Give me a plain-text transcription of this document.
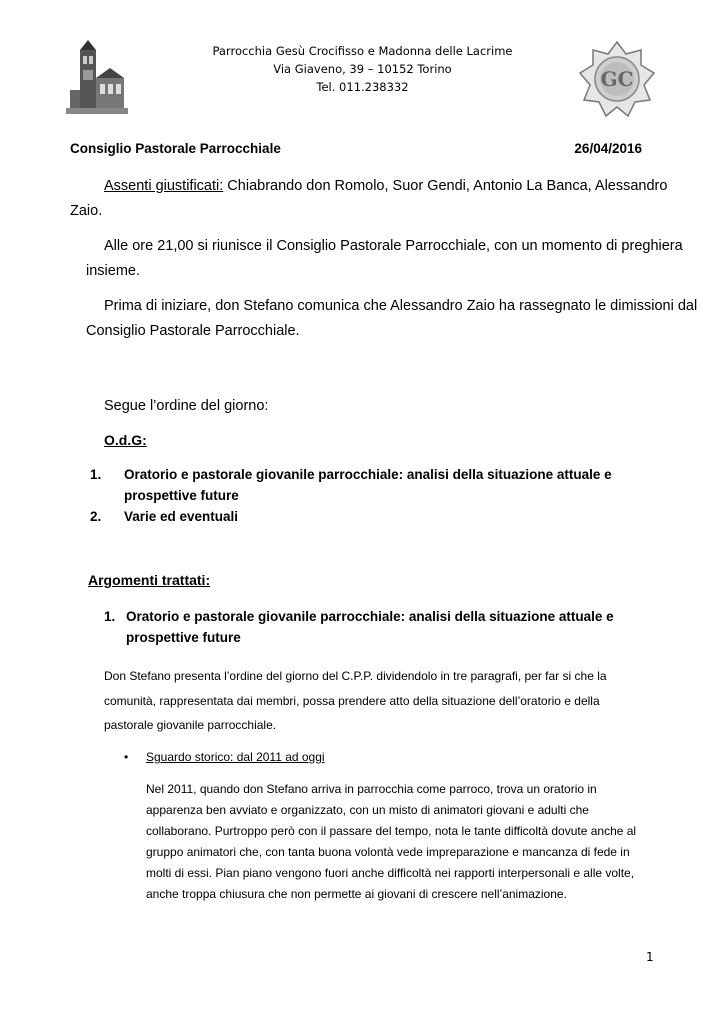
Parrocchia Gesù Crocifisso e Madonna delle Lacrime
Via Giaveno, 39 – 10152 Torino
Tel. 011.238332	GC
Consiglio Pastorale Parrocchiale	26/04/2016
Assenti giustificati: Chiabrando don Romolo, Suor Gendi, Antonio La Banca, Alessandro
Zaio.
Alle ore 21,00 si riunisce il Consiglio Pastorale Parrocchiale, con un momento di preghiera
insieme.
Prima di iniziare, don Stefano comunica che Alessandro Zaio ha rassegnato le dimissioni dal
Consiglio Pastorale Parrocchiale.
Segue l’ordine del giorno:
O.d.G:
1. Oratorio e pastorale giovanile parrocchiale: analisi della situazione attuale e
prospettive future
2. Varie ed eventuali
Argomenti trattati:
1. Oratorio e pastorale giovanile parrocchiale: analisi della situazione attuale e
prospettive future
Don Stefano presenta l’ordine del giorno del C.P.P. dividendolo in tre paragrafi, per far si che la
comunità, rappresentata dai membri, possa prendere atto della situazione dell’oratorio e della
pastorale giovanile parrocchiale.
• Sguardo storico: dal 2011 ad oggi
Nel 2011, quando don Stefano arriva in parrocchia come parroco, trova un oratorio in
apparenza ben avviato e organizzato, con un misto di animatori giovani e adulti che
collaborano. Purtroppo però con il passare del tempo, nota le tante difficoltà dovute anche al
gruppo animatori che, con tanta buona volontà vede impreparazione e mancanza di fede in
molti di essi. Pian piano vengono fuori anche difficoltà nei rapporti interpersonali e alle volte,
anche troppa chiusura che non permette ai giovani di crescere nell’animazione.
1
